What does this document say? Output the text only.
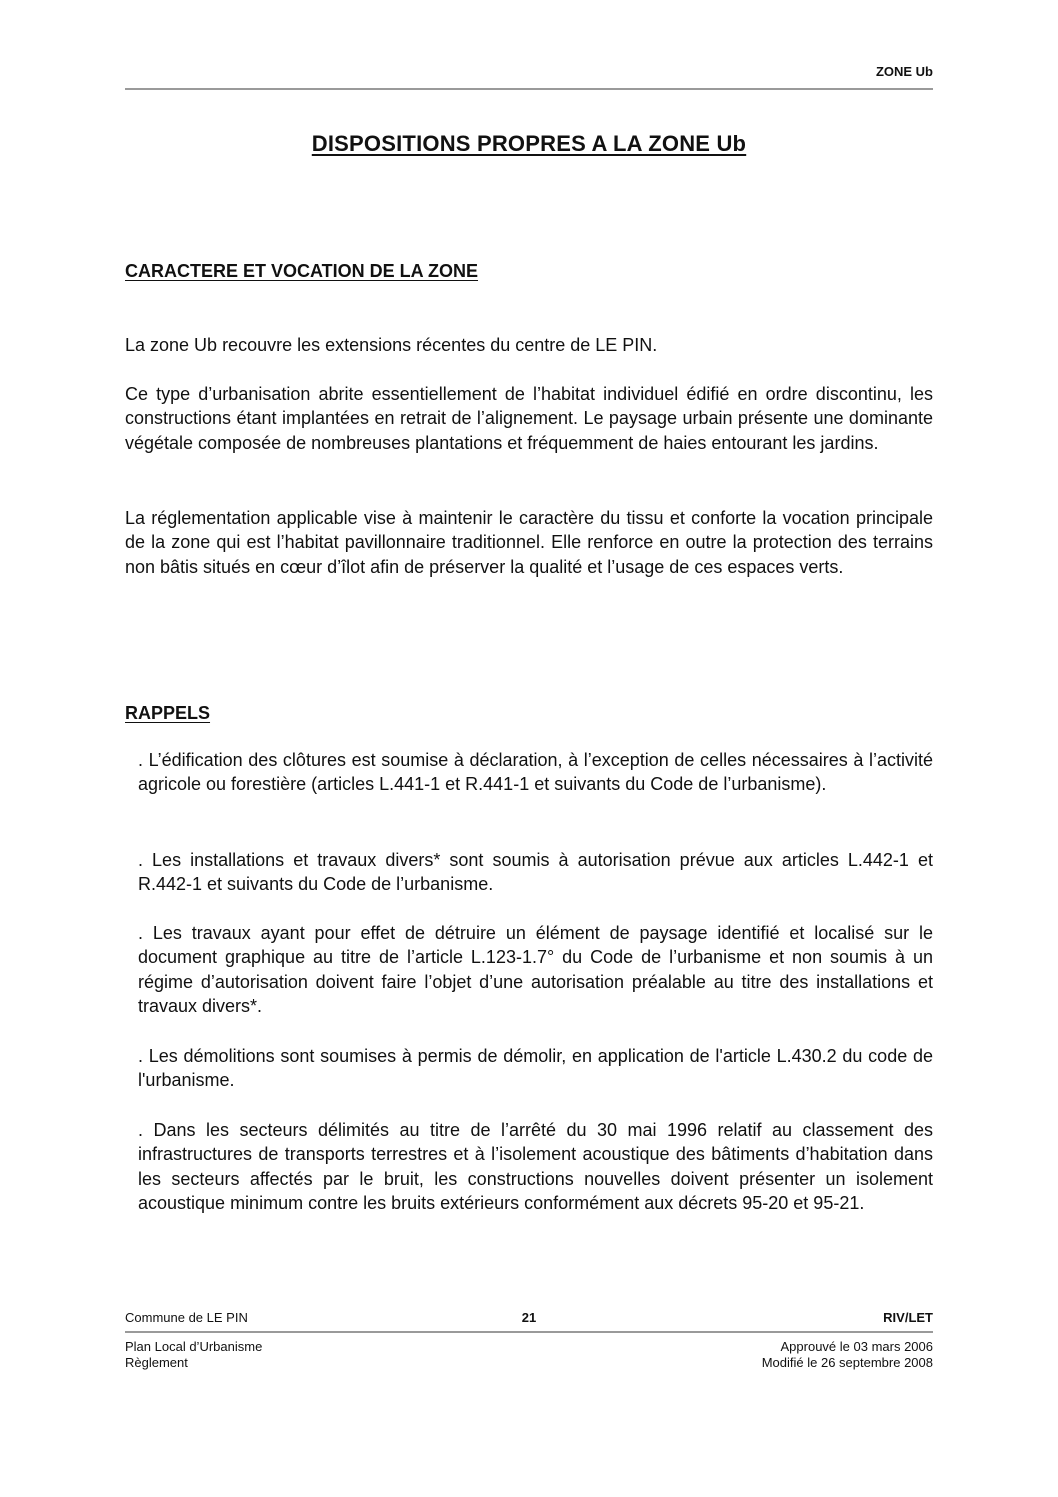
ZONE Ub
DISPOSITIONS PROPRES A LA ZONE Ub
CARACTERE ET VOCATION DE LA ZONE
La zone Ub recouvre les extensions récentes du centre de LE PIN.
Ce type d’urbanisation abrite essentiellement de l’habitat individuel édifié en ordre discontinu, les constructions étant implantées en retrait de l’alignement. Le paysage urbain présente une dominante végétale composée de nombreuses plantations et fréquemment de haies entourant les jardins.
La réglementation applicable vise à maintenir le caractère du tissu et conforte la vocation principale de la zone qui est l’habitat pavillonnaire traditionnel. Elle renforce en outre la protection des terrains non bâtis situés en cœur d’îlot afin de préserver la qualité et l’usage de ces espaces verts.
RAPPELS
. L’édification des clôtures est soumise à déclaration, à l’exception de celles nécessaires à l’activité agricole ou forestière (articles L.441-1 et R.441-1 et suivants du Code de l’urbanisme).
. Les installations et travaux divers* sont soumis à autorisation prévue aux articles L.442-1 et R.442-1 et suivants du Code de l’urbanisme.
. Les travaux ayant pour effet de détruire un élément de paysage identifié et localisé sur le document graphique au titre de l’article L.123-1.7° du Code de l’urbanisme et non soumis à un régime d’autorisation doivent faire l’objet d’une autorisation préalable au titre des installations et travaux divers*.
. Les démolitions sont soumises à permis de démolir, en application de l'article L.430.2 du code de l'urbanisme.
. Dans les secteurs délimités au titre de l’arrêté du 30 mai 1996 relatif au classement des infrastructures de transports terrestres et à l’isolement acoustique des bâtiments d’habitation dans les secteurs affectés par le bruit, les constructions nouvelles doivent présenter un isolement acoustique minimum contre les bruits extérieurs conformément aux décrets 95-20 et 95-21.
Commune de LE PIN	21	RIV/LET
Plan Local d’Urbanisme
Règlement
Approuvé le 03 mars 2006
Modifié le 26 septembre 2008
